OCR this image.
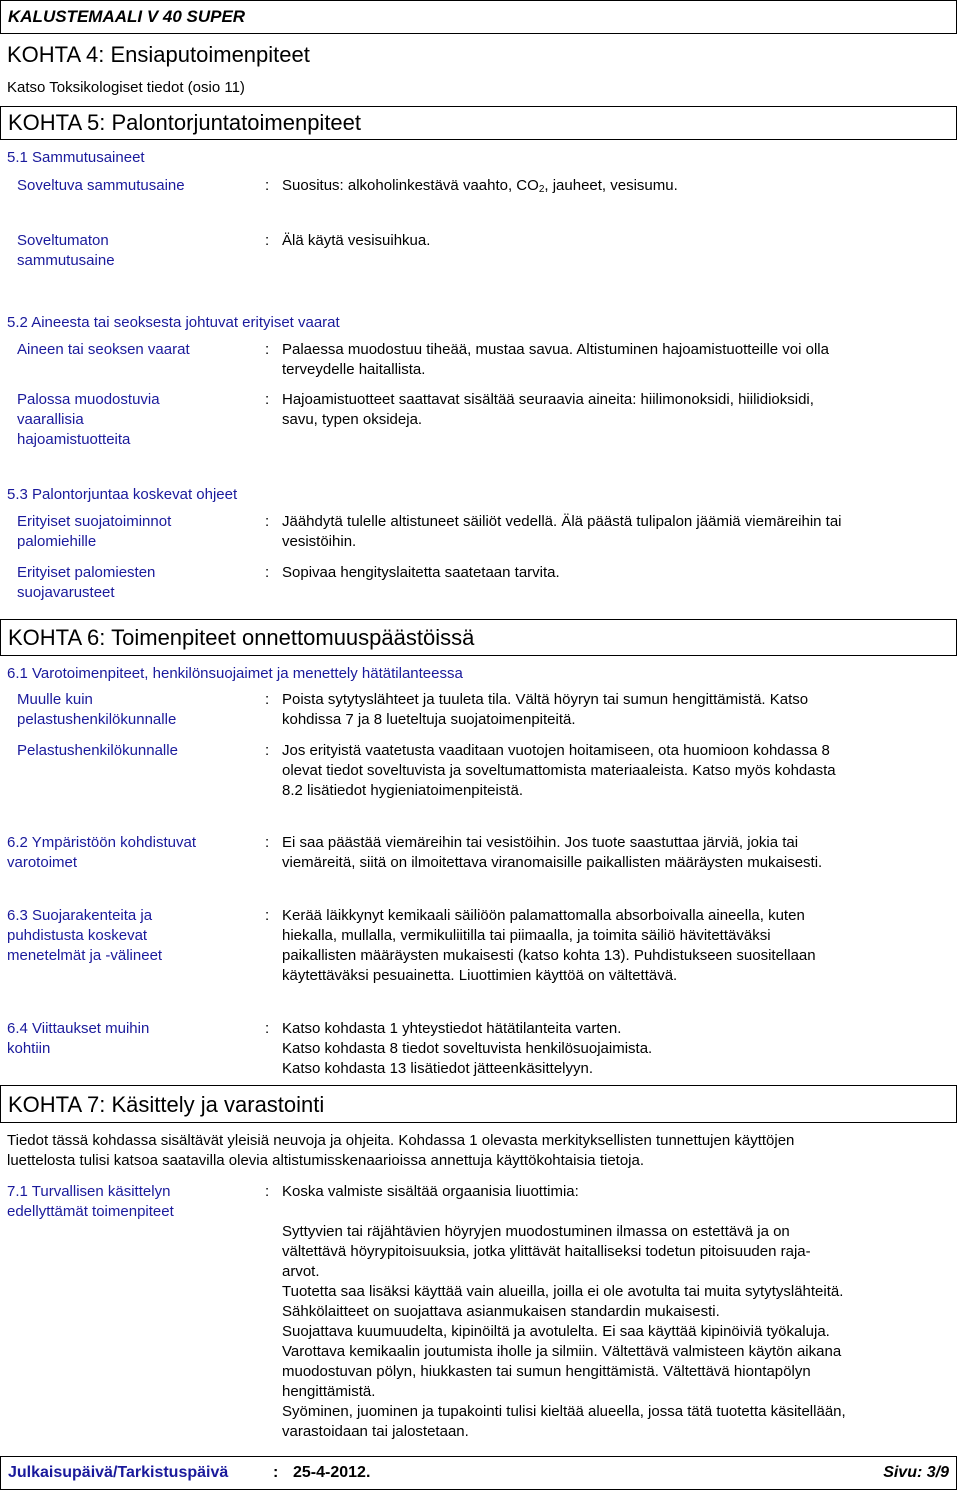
KALUSTEMAALI V 40 SUPER
KOHTA 4: Ensiaputoimenpiteet
Katso Toksikologiset tiedot (osio 11)
KOHTA 5: Palontorjuntatoimenpiteet
5.1 Sammutusaineet
Soveltuva sammutusaine	: Suositus: alkoholinkestävä vaahto, $CO_2$, jauheet, vesisumu.
Soveltumaton
sammutusaine
: Älä käytä vesisuihkua.
5.2 Aineesta tai seoksesta johtuvat erityiset vaarat
Aineen tai seoksen vaarat	: Palaessa muodostuu tiheää, mustaa savua. Altistuminen hajoamistuotteille voi olla
terveydelle haitallista.
Palossa muodostuvia
vaarallisia
hajoamistuotteita
: Hajoamistuotteet saattavat sisältää seuraavia aineita: hiilimonoksidi, hiilidioksidi,
savu, typen oksideja.
5.3 Palontorjuntaa koskevat ohjeet
Erityiset suojatoiminnot
palomiehille
: Jäähdytä tulelle altistuneet säiliöt vedellä. Älä päästä tulipalon jäämiä viemäreihin tai
vesistöihin.
Erityiset palomiesten
suojavarusteet
: Sopivaa hengityslaitetta saatetaan tarvita.
KOHTA 6: Toimenpiteet onnettomuuspäästöissä
6.1 Varotoimenpiteet, henkilönsuojaimet ja menettely hätätilanteessa
Muulle kuin
pelastushenkilökunnalle
: Poista sytytyslähteet ja tuuleta tila. Vältä höyryn tai sumun hengittämistä. Katso
kohdissa 7 ja 8 lueteltuja suojatoimenpiteitä.
Pelastushenkilökunnalle	: Jos erityistä vaatetusta vaaditaan vuotojen hoitamiseen, ota huomioon kohdassa 8
olevat tiedot soveltuvista ja soveltumattomista materiaaleista. Katso myös kohdasta
8.2 lisätiedot hygieniatoimenpiteistä.
6.2 Ympäristöön kohdistuvat
varotoimet
: Ei saa päästää viemäreihin tai vesistöihin. Jos tuote saastuttaa järviä, jokia tai
viemäreitä, siitä on ilmoitettava viranomaisille paikallisten määräysten mukaisesti.
6.3 Suojarakenteita ja
puhdistusta koskevat
menetelmät ja -välineet
: Kerää läikkynyt kemikaali säiliöön palamattomalla absorboivalla aineella, kuten
hiekalla, mullalla, vermikuliitilla tai piimaalla, ja toimita säiliö hävitettäväksi
paikallisten määräysten mukaisesti (katso kohta 13). Puhdistukseen suositellaan
käytettäväksi pesuainetta. Liuottimien käyttöä on vältettävä.
6.4 Viittaukset muihin
kohtiin
: Katso kohdasta 1 yhteystiedot hätätilanteita varten.
Katso kohdasta 8 tiedot soveltuvista henkilösuojaimista.
Katso kohdasta 13 lisätiedot jätteenkäsittelyyn.
KOHTA 7: Käsittely ja varastointi
Tiedot tässä kohdassa sisältävät yleisiä neuvoja ja ohjeita. Kohdassa 1 olevasta merkityksellisten tunnettujen käyttöjen
luettelosta tulisi katsoa saatavilla olevia altistumisskenaarioissa annettuja käyttökohtaisia tietoja.
7.1 Turvallisen käsittelyn
edellyttämät toimenpiteet
: Koska valmiste sisältää orgaanisia liuottimia:
Syttyvien tai räjähtävien höyryjen muodostuminen ilmassa on estettävä ja on
vältettävä höyrypitoisuuksia, jotka ylittävät haitalliseksi todetun pitoisuuden raja-
arvot.
Tuotetta saa lisäksi käyttää vain alueilla, joilla ei ole avotulta tai muita sytytyslähteitä.
Sähkölaitteet on suojattava asianmukaisen standardin mukaisesti.
Suojattava kuumuudelta, kipinöiltä ja avotulelta. Ei saa käyttää kipinöiviä työkaluja.
Varottava kemikaalin joutumista iholle ja silmiin. Vältettävä valmisteen käytön aikana
muodostuvan pölyn, hiukkasten tai sumun hengittämistä. Vältettävä hiontapölyn
hengittämistä.
Syöminen, juominen ja tupakointi tulisi kieltää alueella, jossa tätä tuotetta käsitellään,
varastoidaan tai jalostetaan.
Julkaisupäivä/Tarkistuspäivä	: 25-4-2012.	Sivu: 3/9
